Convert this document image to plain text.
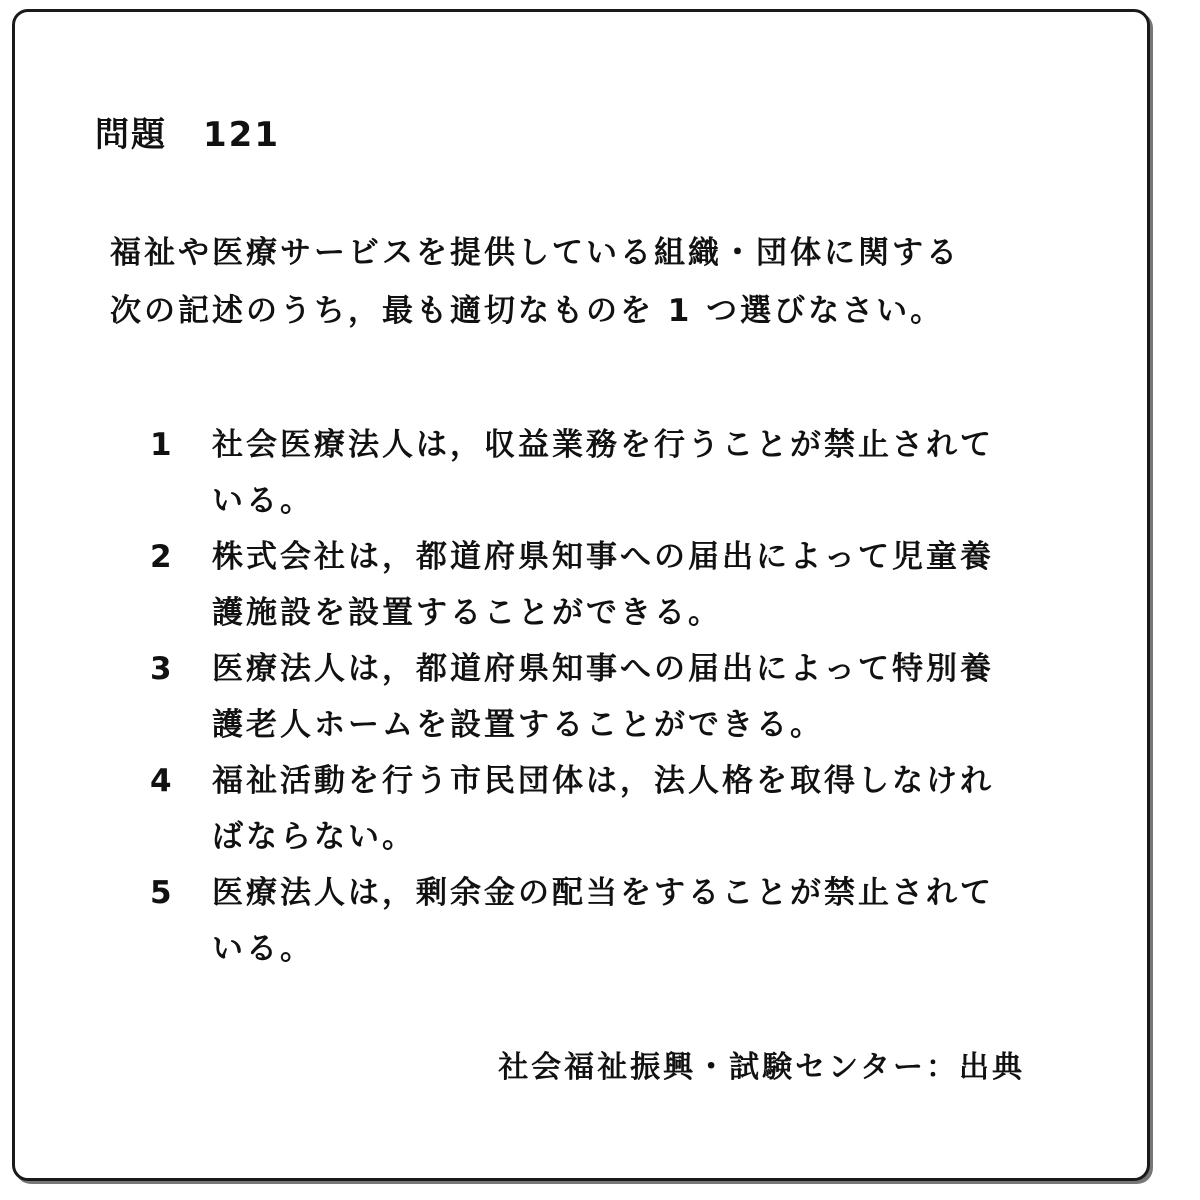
問題　121
福祉や医療サービスを提供している組織・団体に関する
次の記述のうち，最も適切なものを 1 つ選びなさい。
1	社会医療法人は，収益業務を行うことが禁止されて
いる。
2	株式会社は，都道府県知事への届出によって児童養
護施設を設置することができる。
3	医療法人は，都道府県知事への届出によって特別養
護老人ホームを設置することができる。
4	福祉活動を行う市民団体は，法人格を取得しなけれ
ばならない。
5	医療法人は，剰余金の配当をすることが禁止されて
いる。
社会福祉振興・試験センター：出典
